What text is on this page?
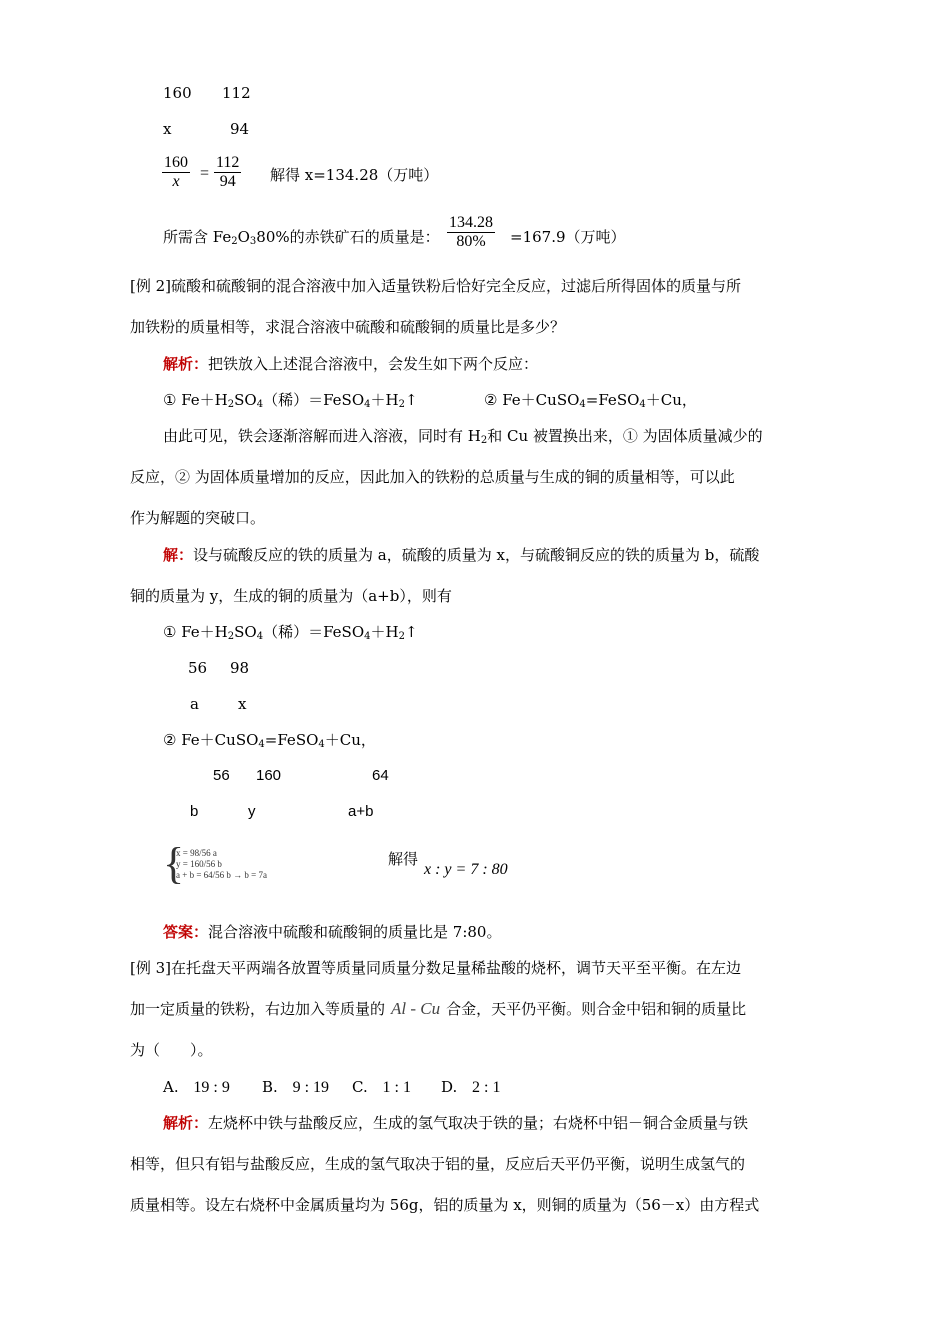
160 112
x	94
$\frac{160}{x} = \frac{112}{94}$ 解得 x=134.28（万吨）
所需含 $Fe_2O_380\%$的赤铁矿石的质量是： $\frac{134.28}{80\%} =167.9$（万吨）
[例 2]硫酸和硫酸铜的混合溶液中加入适量铁粉后恰好完全反应，过滤后所得固体的质量与所
加铁粉的质量相等，求混合溶液中硫酸和硫酸铜的质量比是多少？
解析：把铁放入上述混合溶液中，会发生如下两个反应：
① $Fe+H_2SO_4$（稀）$=FeSO_4+H_2↑$	② Fe＋CuSO$_4$=FeSO$_4$＋Cu，
由此可见，铁会逐渐溶解而进入溶液，同时有 $H_2$和 Cu 被置换出来，① 为固体质量减少的
反应，② 为固体质量增加的反应，因此加入的铁粉的总质量与生成的铜的质量相等，可以此
作为解题的突破口。
解：设与硫酸反应的铁的质量为 a，硫酸的质量为 x，与硫酸铜反应的铁的质量为 b，硫酸
铜的质量为 y，生成的铜的质量为（a+b），则有
① $Fe+H_2SO_4$（稀）$=FeSO_4+H_2↑$
56 98
a	x
② Fe＋CuSO$_4$=FeSO$_4$＋Cu，
56 160	64
b	y	a+b
{
x = 98/56 a
y = 160/56 b
a + b = 64/56 b → b = 7a
解得
x : y = 7 : 80
答案：混合溶液中硫酸和硫酸铜的质量比是 7:80。
[例 3]在托盘天平两端各放置等质量同质量分数足量稀盐酸的烧杯，调节天平至平衡。在左边
加一定质量的铁粉，右边加入等质量的 Al - Cu 合金，天平仍平衡。则合金中铝和铜的质量比
为（　　）。
A. 19 : 9 B. 9 : 19 C. 1 : 1 D. 2 : 1
解析：左烧杯中铁与盐酸反应，生成的氢气取决于铁的量；右烧杯中铝－铜合金质量与铁
相等，但只有铝与盐酸反应，生成的氢气取决于铝的量，反应后天平仍平衡，说明生成氢气的
质量相等。设左右烧杯中金属质量均为 56g，铝的质量为 x，则铜的质量为（56－x）由方程式
